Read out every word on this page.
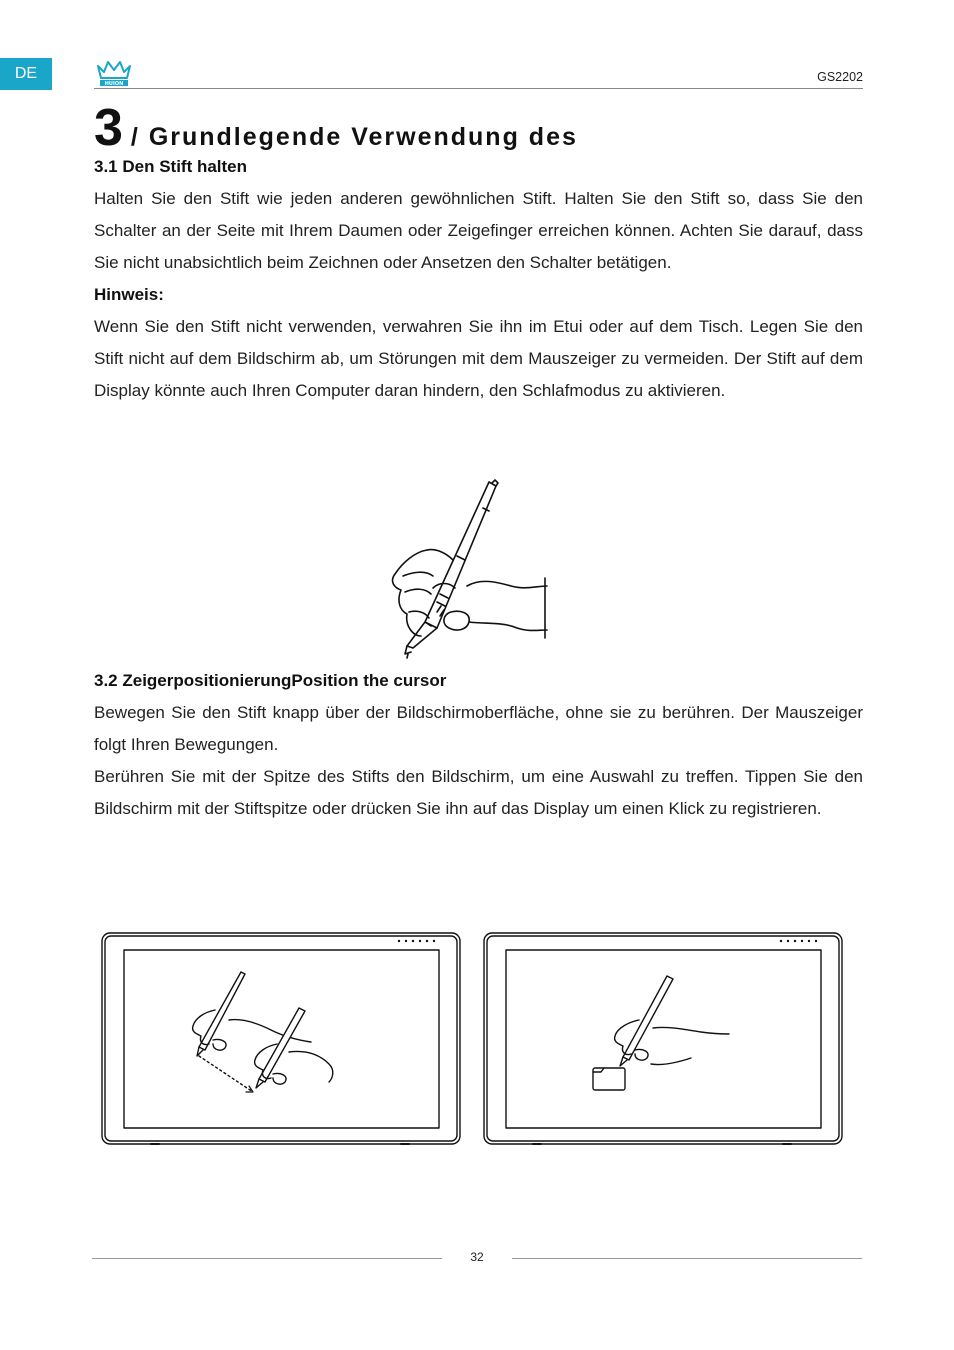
DE
HUION	GS2202
3 / Grundlegende Verwendung des

3.1 Den Stift halten

Halten Sie den Stift wie jeden anderen gewöhnlichen Stift. Halten Sie den Stift so, dass Sie den Schalter an der Seite mit Ihrem Daumen oder Zeigefinger erreichen können. Achten Sie darauf, dass Sie nicht unabsichtlich beim Zeichnen oder Ansetzen den Schalter betätigen.

Hinweis:

Wenn Sie den Stift nicht verwenden, verwahren Sie ihn im Etui oder auf dem Tisch. Legen Sie den Stift nicht auf dem Bildschirm ab, um Störungen mit dem Mauszeiger zu vermeiden. Der Stift auf dem Display könnte auch Ihren Computer daran hindern, den Schlafmodus zu aktivieren.

3.2 ZeigerpositionierungPosition the cursor

Bewegen Sie den Stift knapp über der Bildschirmoberfläche, ohne sie zu berühren. Der Mauszeiger folgt Ihren Bewegungen.

Berühren Sie mit der Spitze des Stifts den Bildschirm, um eine Auswahl zu treffen. Tippen Sie den Bildschirm mit der Stiftspitze oder drücken Sie ihn auf das Display um einen Klick zu registrieren.

32
